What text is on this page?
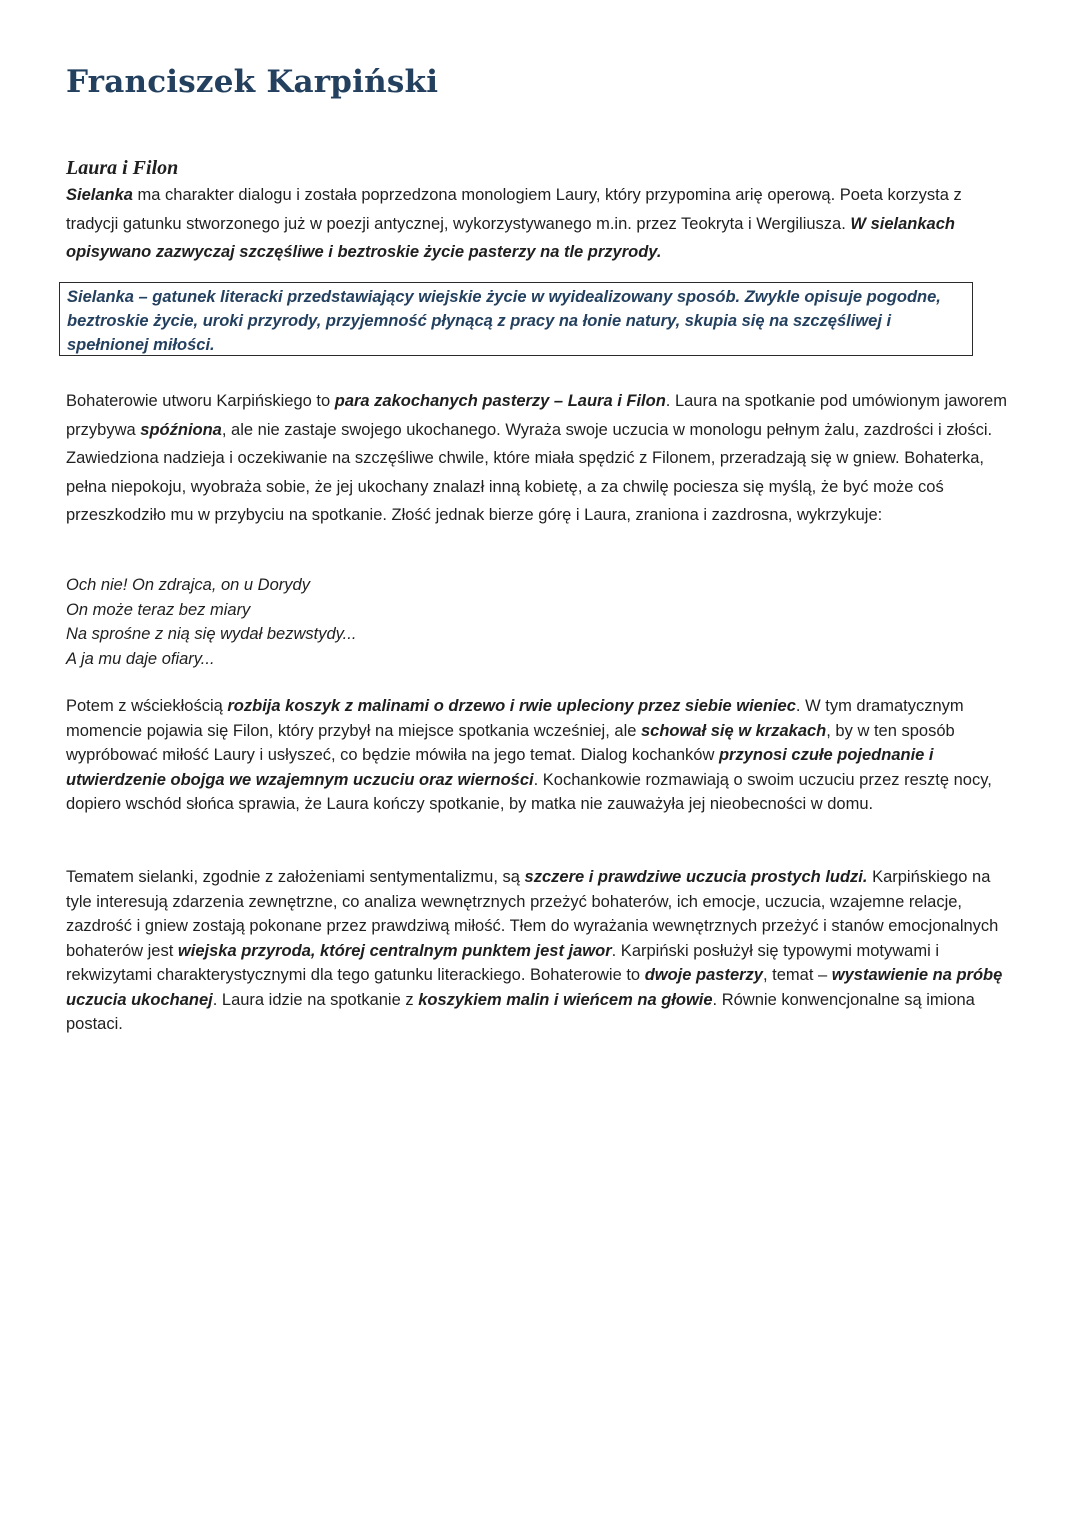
Franciszek Karpiński
Laura i Filon

Sielanka ma charakter dialogu i została poprzedzona monologiem Laury, który przypomina arię operową. Poeta korzysta z tradycji gatunku stworzonego już w poezji antycznej, wykorzystywanego m.in. przez Teokryta i Wergiliusza. W sielankach opisywano zazwyczaj szczęśliwe i beztroskie życie pasterzy na tle przyrody.

Sielanka – gatunek literacki przedstawiający wiejskie życie w wyidealizowany sposób. Zwykle opisuje pogodne, beztroskie życie, uroki przyrody, przyjemność płynącą z pracy na łonie natury, skupia się na szczęśliwej i spełnionej miłości.

Bohaterowie utworu Karpińskiego to para zakochanych pasterzy – Laura i Filon. Laura na spotkanie pod umówionym jaworem przybywa spóźniona, ale nie zastaje swojego ukochanego. Wyraża swoje uczucia w monologu pełnym żalu, zazdrości i złości. Zawiedziona nadzieja i oczekiwanie na szczęśliwe chwile, które miała spędzić z Filonem, przeradzają się w gniew. Bohaterka, pełna niepokoju, wyobraża sobie, że jej ukochany znalazł inną kobietę, a za chwilę pociesza się myślą, że być może coś przeszkodziło mu w przybyciu na spotkanie. Złość jednak bierze górę i Laura, zraniona i zazdrosna, wykrzykuje:

Och nie! On zdrajca, on u Dorydy
On może teraz bez miary
Na sprośne z nią się wydał bezwstydy...
A ja mu daje ofiary...

Potem z wściekłością rozbija koszyk z malinami o drzewo i rwie upleciony przez siebie wieniec. W tym dramatycznym momencie pojawia się Filon, który przybył na miejsce spotkania wcześniej, ale schował się w krzakach, by w ten sposób wypróbować miłość Laury i usłyszeć, co będzie mówiła na jego temat. Dialog kochanków przynosi czułe pojednanie i utwierdzenie obojga we wzajemnym uczuciu oraz wierności. Kochankowie rozmawiają o swoim uczuciu przez resztę nocy, dopiero wschód słońca sprawia, że Laura kończy spotkanie, by matka nie zauważyła jej nieobecności w domu.

Tematem sielanki, zgodnie z założeniami sentymentalizmu, są szczere i prawdziwe uczucia prostych ludzi. Karpińskiego na tyle interesują zdarzenia zewnętrzne, co analiza wewnętrznych przeżyć bohaterów, ich emocje, uczucia, wzajemne relacje, zazdrość i gniew zostają pokonane przez prawdziwą miłość. Tłem do wyrażania wewnętrznych przeżyć i stanów emocjonalnych bohaterów jest wiejska przyroda, której centralnym punktem jest jawor. Karpiński posłużył się typowymi motywami i rekwizytami charakterystycznymi dla tego gatunku literackiego. Bohaterowie to dwoje pasterzy, temat – wystawienie na próbę uczucia ukochanej. Laura idzie na spotkanie z koszykiem malin i wieńcem na głowie. Równie konwencjonalne są imiona postaci.
